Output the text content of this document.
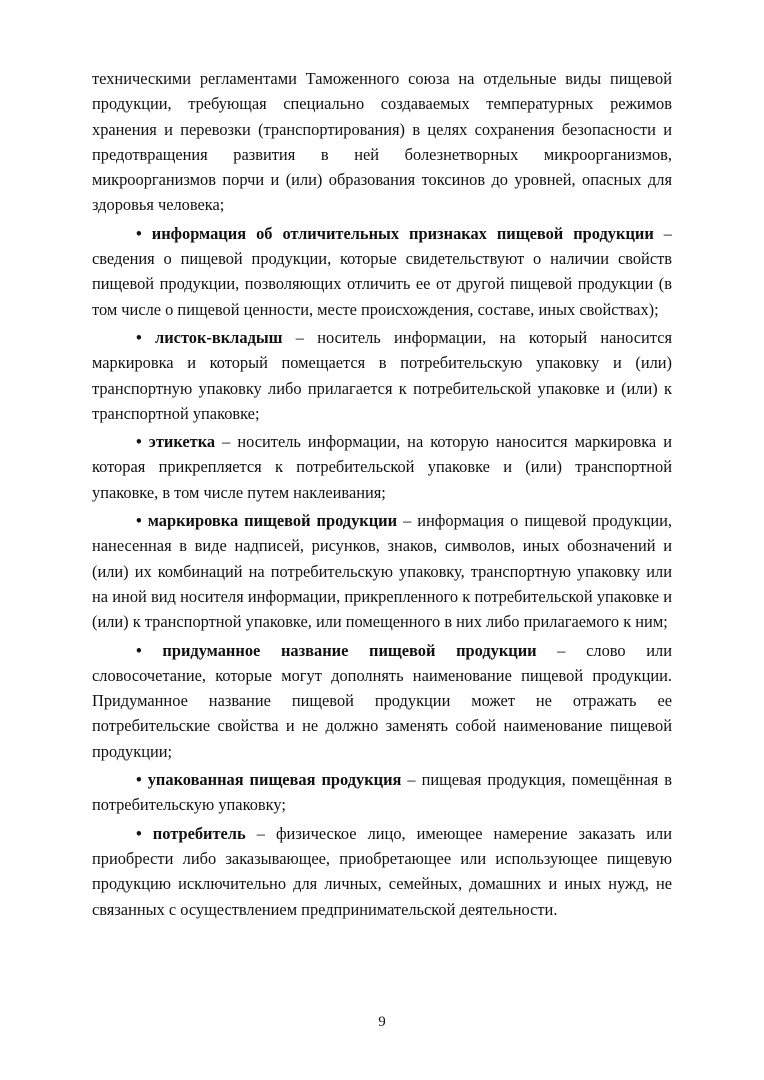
техническими регламентами Таможенного союза на отдельные виды пищевой продукции, требующая специально создаваемых температурных режимов хранения и перевозки (транспортирования) в целях сохранения безопасности и предотвращения развития в ней болезнетворных микроорганизмов, микроорганизмов порчи и (или) образования токсинов до уровней, опасных для здоровья человека;

• информация об отличительных признаках пищевой продукции – сведения о пищевой продукции, которые свидетельствуют о наличии свойств пищевой продукции, позволяющих отличить ее от другой пищевой продукции (в том числе о пищевой ценности, месте происхождения, составе, иных свойствах);

• листок-вкладыш – носитель информации, на который наносится маркировка и который помещается в потребительскую упаковку и (или) транспортную упаковку либо прилагается к потребительской упаковке и (или) к транспортной упаковке;

• этикетка – носитель информации, на которую наносится маркировка и которая прикрепляется к потребительской упаковке и (или) транспортной упаковке, в том числе путем наклеивания;

• маркировка пищевой продукции – информация о пищевой продукции, нанесенная в виде надписей, рисунков, знаков, символов, иных обозначений и (или) их комбинаций на потребительскую упаковку, транспортную упаковку или на иной вид носителя информации, прикрепленного к потребительской упаковке и (или) к транспортной упаковке, или помещенного в них либо прилагаемого к ним;

• придуманное название пищевой продукции – слово или словосочетание, которые могут дополнять наименование пищевой продукции. Придуманное название пищевой продукции может не отражать ее потребительские свойства и не должно заменять собой наименование пищевой продукции;

• упакованная пищевая продукция – пищевая продукция, помещённая в потребительскую упаковку;

• потребитель – физическое лицо, имеющее намерение заказать или приобрести либо заказывающее, приобретающее или использующее пищевую продукцию исключительно для личных, семейных, домашних и иных нужд, не связанных с осуществлением предпринимательской деятельности.

9
